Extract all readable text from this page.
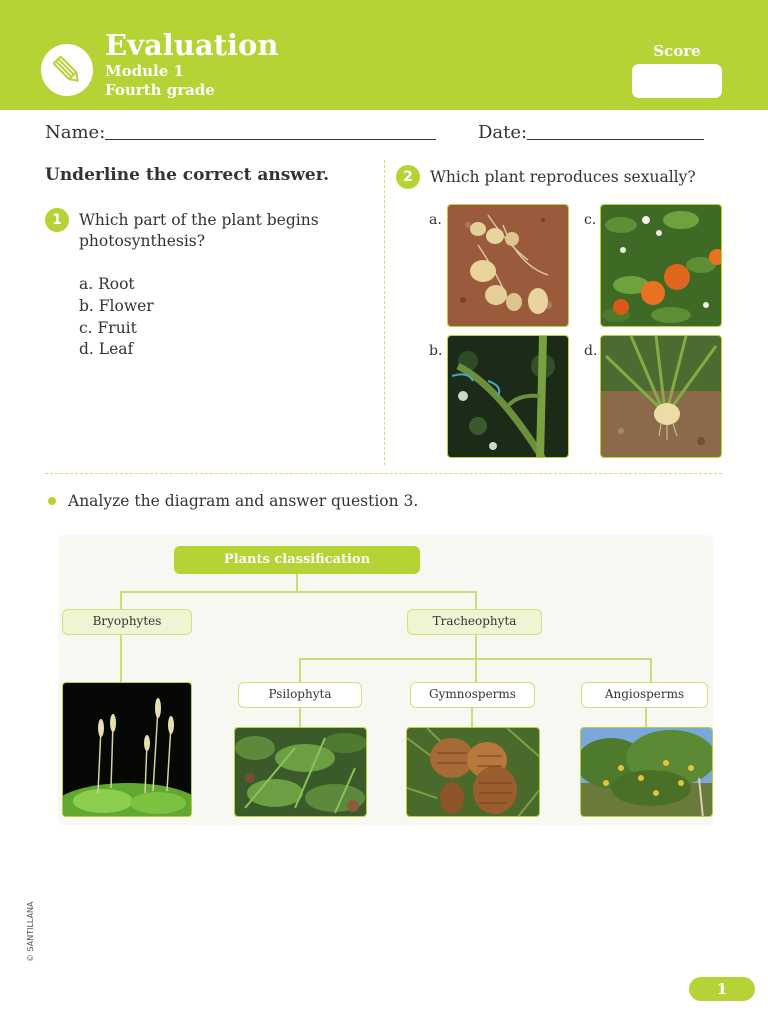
Evaluation
Module 1
Fourth grade
Score
Name:	Date:
Underline the correct answer.
1	Which part of the plant begins
photosynthesis?
a. Root
b. Flower
c. Fruit
d. Leaf
2	Which plant reproduces sexually?
a.
b.
c.
d.
Analyze the diagram and answer question 3.
Plants classification
Bryophytes	Tracheophyta
Psilophyta	Gymnosperms	Angiosperms
© SANTILLANA
1
